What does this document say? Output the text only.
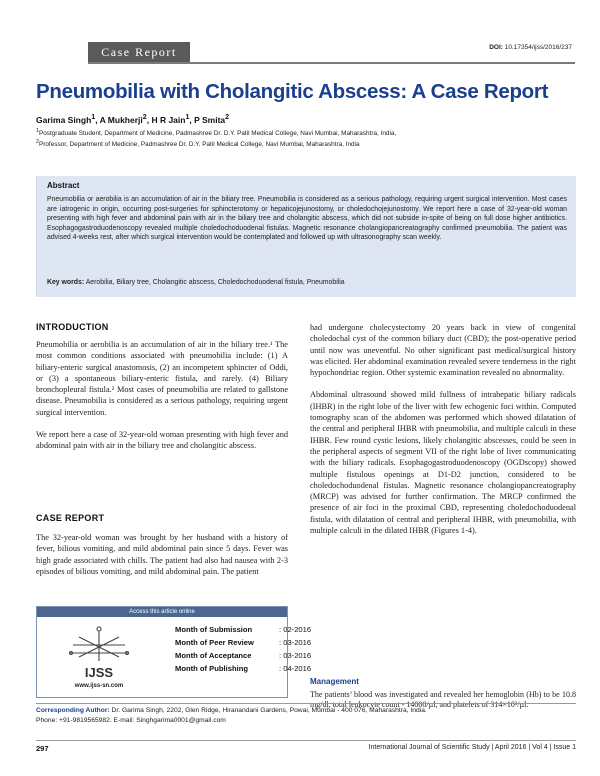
Case Report	DOI: 10.17354/ijss/2016/237
Pneumobilia with Cholangitic Abscess: A Case Report
Garima Singh$^1$, A Mukherji$^2$, H R Jain$^1$, P Smita$^2$
$^1$Postgraduate Student, Department of Medicine, Padmashree Dr. D.Y. Patil Medical College, Navi Mumbai, Maharashtra, India,
$^2$Professor, Department of Medicine, Padmashree Dr. D.Y. Patil Medical College, Navi Mumbai, Maharashtra, India
Abstract
Pneumobilia or aerobilia is an accumulation of air in the biliary tree. Pneumobilia is considered as a serious pathology, requiring urgent surgical intervention. Most cases are iatrogenic in origin, occurring post-surgeries for sphincterotomy or hepaticojejunostomy, or choledochojejunostomy. We report here a case of 32-year-old woman presenting with high fever and abdominal pain with air in the biliary tree and cholangitic abscess, which did not subside in-spite of being on full dose higher antibiotics. Esophagogastroduodenoscopy revealed multiple choledochoduodenal fistulas. Magnetic resonance cholangiopancreatography confirmed pneumobilia. The patient was advised 4-weeks rest, after which surgical intervention would be contemplated and followed up with ultrasonography scan weekly.
Key words: Aerobilia, Biliary tree, Cholangitic abscess, Choledochoduodenal fistula, Pneumobilia
INTRODUCTION

Pneumobilia or aerobilia is an accumulation of air in the biliary tree.¹ The most common conditions associated with pneumobilia include: (1) A biliary-enteric surgical anastomosis, (2) an incompetent sphincter of Oddi, or (3) a spontaneous biliary-enteric fistula, and rarely. (4) Biliary bronchopleural fistula.² Most cases of pneumobilia are related to gallstone disease. Pneumobilia is considered as a serious pathology, requiring urgent surgical intervention.

We report here a case of 32-year-old woman presenting with high fever and abdominal pain with air in the biliary tree and cholangitic abscess.

CASE REPORT

The 32-year-old woman was brought by her husband with a history of fever, bilious vomiting, and mild abdominal pain since 5 days. Fever was high grade associated with chills. The patient had also had nausea with 2-3 episodes of bilious vomiting, and mild abdominal pain. The patient

Access this article online
IJSS
www.ijss-sn.com
Month of Submission	: 02-2016
Month of Peer Review	: 03-2016
Month of Acceptance	: 03-2016
Month of Publishing	: 04-2016

had undergone cholecystectomy 20 years back in view of congenital choledochal cyst of the common biliary duct (CBD); the post-operative period until now was uneventful. No other significant past medical/surgical history was elicited. Her abdominal examination revealed severe tenderness in the right hypochondriac region. Other systemic examination revealed no abnormality.

Abdominal ultrasound showed mild fullness of intrahepatic biliary radicals (IHBR) in the right lobe of the liver with few echogenic foci within. Computed tomography scan of the abdomen was performed which showed dilatation of the central and peripheral IHBR with pneumobilia, and multiple calculi in these IHBR. Few round cystic lesions, likely cholangitic abscesses, could be seen in the peripheral aspects of segment VII of the right lobe of liver communicating with the biliary radicals. Esophagogastroduodenoscopy (OGDscopy) showed multiple fistulous openings at D1-D2 junction, considered to be choledochoduodenal fistulas. Magnetic resonance cholangiopancreatography (MRCP) was advised for further confirmation. The MRCP confirmed the presence of air foci in the proximal CBD, representing choledochoduodenal fistula, with dilatation of central and peripheral IHBR, with pneumobilia, with multiple calculi in the dilated IHBR (Figures 1-4).

Management

The patients’ blood was investigated and revealed her hemoglobin (Hb) to be 10.8 mg/dl, total leukocyte count - 14000/µl, and platelets of 314×10³/µl.

Corresponding Author: Dr. Garima Singh, 2202, Glen Ridge, Hiranandani Gardens, Powai, Mumbai - 400 076, Maharashtra, India.
Phone: +91-9819565982. E-mail: Singhgarima0001@gmail.com
297	International Journal of Scientific Study | April 2016 | Vol 4 | Issue 1
